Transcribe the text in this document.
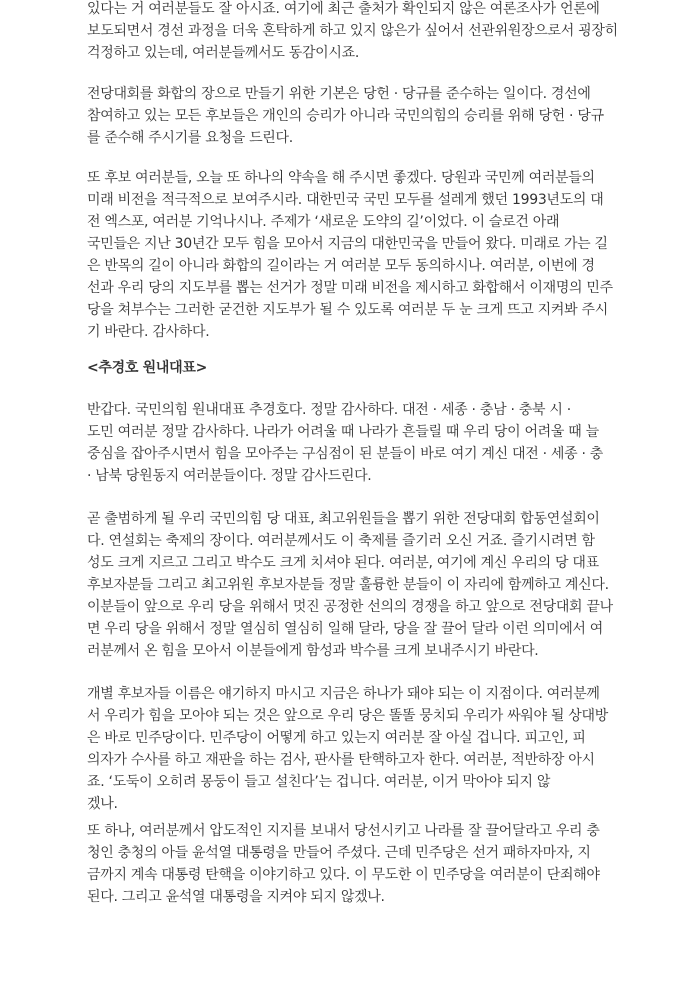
있다는 거 여러분들도 잘 아시죠. 여기에 최근 출처가 확인되지 않은 여론조사가 언론에
보도되면서 경선 과정을 더욱 혼탁하게 하고 있지 않은가 싶어서 선관위원장으로서 굉장히
걱정하고 있는데, 여러분들께서도 동감이시죠.
전당대회를 화합의 장으로 만들기 위한 기본은 당헌 · 당규를 준수하는 일이다. 경선에
참여하고 있는 모든 후보들은 개인의 승리가 아니라 국민의힘의 승리를 위해 당헌 · 당규
를 준수해 주시기를 요청을 드린다.
또 후보 여러분들, 오늘 또 하나의 약속을 해 주시면 좋겠다. 당원과 국민께 여러분들의
미래 비전을 적극적으로 보여주시라. 대한민국 국민 모두를 설레게 했던 1993년도의 대
전 엑스포, 여러분 기억나시나. 주제가 ‘새로운 도약의 길’이었다. 이 슬로건 아래
국민들은 지난 30년간 모두 힘을 모아서 지금의 대한민국을 만들어 왔다. 미래로 가는 길
은 반목의 길이 아니라 화합의 길이라는 거 여러분 모두 동의하시나. 여러분, 이번에 경
선과 우리 당의 지도부를 뽑는 선거가 정말 미래 비전을 제시하고 화합해서 이재명의 민주
당을 쳐부수는 그러한 굳건한 지도부가 될 수 있도록 여러분 두 눈 크게 뜨고 지켜봐 주시
기 바란다. 감사하다.
<추경호 원내대표>
반갑다. 국민의힘 원내대표 추경호다. 정말 감사하다. 대전 · 세종 · 충남 · 충북 시 ·
도민 여러분 정말 감사하다. 나라가 어려울 때 나라가 흔들릴 때 우리 당이 어려울 때 늘
중심을 잡아주시면서 힘을 모아주는 구심점이 된 분들이 바로 여기 계신 대전 · 세종 · 충
· 남북 당원동지 여러분들이다. 정말 감사드린다.
곧 출범하게 될 우리 국민의힘 당 대표, 최고위원들을 뽑기 위한 전당대회 합동연설회이
다. 연설회는 축제의 장이다. 여러분께서도 이 축제를 즐기러 오신 거죠. 즐기시려면 함
성도 크게 지르고 그리고 박수도 크게 치셔야 된다. 여러분, 여기에 계신 우리의 당 대표
후보자분들 그리고 최고위원 후보자분들 정말 훌륭한 분들이 이 자리에 함께하고 계신다.
이분들이 앞으로 우리 당을 위해서 멋진 공정한 선의의 경쟁을 하고 앞으로 전당대회 끝나
면 우리 당을 위해서 정말 열심히 열심히 일해 달라, 당을 잘 끌어 달라 이런 의미에서 여
러분께서 온 힘을 모아서 이분들에게 함성과 박수를 크게 보내주시기 바란다.
개별 후보자들 이름은 얘기하지 마시고 지금은 하나가 돼야 되는 이 지점이다. 여러분께
서 우리가 힘을 모아야 되는 것은 앞으로 우리 당은 똘똘 뭉치되 우리가 싸워야 될 상대방
은 바로 민주당이다. 민주당이 어떻게 하고 있는지 여러분 잘 아실 겁니다. 피고인, 피
의자가 수사를 하고 재판을 하는 검사, 판사를 탄핵하고자 한다. 여러분, 적반하장 아시
죠. ‘도둑이 오히려 몽둥이 들고 설친다’는 겁니다. 여러분, 이거 막아야 되지 않
겠나.
또 하나, 여러분께서 압도적인 지지를 보내서 당선시키고 나라를 잘 끌어달라고 우리 충
청인 충청의 아들 윤석열 대통령을 만들어 주셨다. 근데 민주당은 선거 패하자마자, 지
금까지 계속 대통령 탄핵을 이야기하고 있다. 이 무도한 이 민주당을 여러분이 단죄해야
된다. 그리고 윤석열 대통령을 지켜야 되지 않겠나.
